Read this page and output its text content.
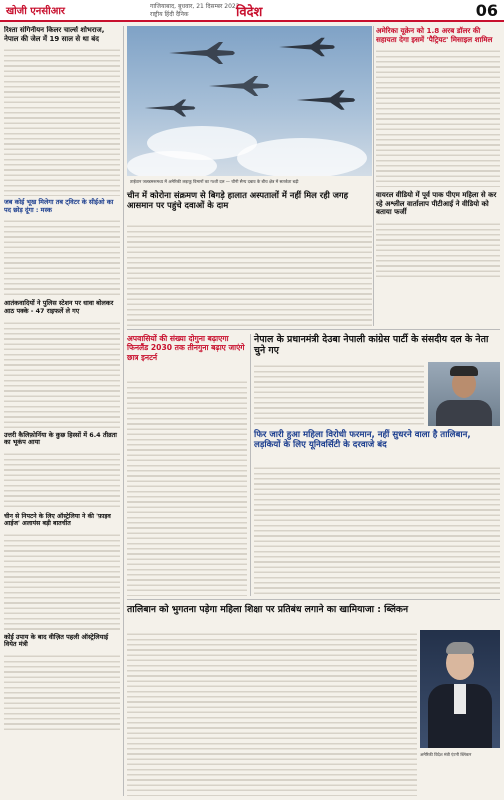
खोजी एनसीआर	गाजियाबाद, बुधवार, 21 दिसम्बर 2022
राष्ट्रीय हिंदी दैनिक	विदेश	06
रिश्ता संगिनीयन किलर चार्ल्स शोभराज, नेपाल की जेल में 19 साल से था बंद
जब कोई भूख मिलेगा तब ट्विटर के सीईओ का पद छोड़ दूंगा : मस्क
आतंकवादियों ने पुलिस स्टेशन पर धावा बोलकर आठ पक्के - 47 राइफलें ले गए
उत्तरी कैलिफ़ोर्निया के कुछ हिस्सों में 6.4 तीव्रता का भूकंप आया
चीन से निपटने के लिए ऑस्ट्रेलिया ने की 'फ़ाइव आईज' अलायंस बड़ी बातचीत
कोई उपाय के बाद वीज़ित पहली ऑस्ट्रेलियाई वियेत मंत्री
ताईवान जलडमरूमध्य में अमेरिकी लड़ाकू विमानों का गश्ती दल — चीनी सैन्य दबाव के बीच क्षेत्र में सतर्कता बढ़ी
अमेरिका यूक्रेन को 1.8 अरब डॉलर की सहायता देगा इसमें 'पैट्रियट' मिसाइल शामिल
वायरल वीडियो में पूर्व पाक पीएम महिला से कर रहे अश्लील वार्तालाप पीटीआई ने वीडियो को बताया फर्जी
चीन में कोरोना संक्रमण से बिगड़े हालात अस्पतालों में नहीं मिल रही जगह आसमान पर पहुंचे दवाओं के दाम
अपवासियों की संख्या दोगुना बढ़ाएगा फिनलैंड 2030 तक तीनगुना बढ़ाए जाएंगे छात्र इनटर्न
नेपाल के प्रधानमंत्री देउबा नेपाली कांग्रेस पार्टी के संसदीय दल के नेता चुने गए
फिर जारी हुआ महिला विरोधी फरमान, नहीं सुधरने वाला है तालिबान, लड़कियों के लिए यूनिवर्सिटी के दरवाजे बंद
तालिबान को भुगतना पड़ेगा महिला शिक्षा पर प्रतिबंध लगाने का खामियाजा : ब्लिंकन
अमेरिकी विदेश मंत्री एंटनी ब्लिंकन
